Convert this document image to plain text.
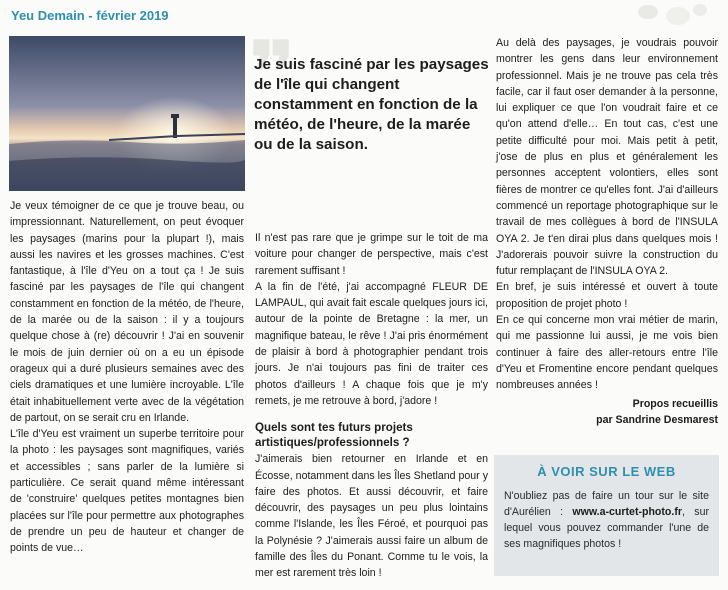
Yeu Demain - février 2019
❞
Je suis fasciné par les paysages de l'île qui changent constamment en fonction de la météo, de l'heure, de la marée ou de la saison.

Je veux témoigner de ce que je trouve beau, ou impressionnant. Naturellement, on peut évoquer les paysages (marins pour la plupart !), mais aussi les navires et les grosses machines. C'est fantastique, à l'île d'Yeu on a tout ça ! Je suis fasciné par les paysages de l'île qui changent constamment en fonction de la météo, de l'heure, de la marée ou de la saison : il y a toujours quelque chose à (re) découvrir ! J'ai en souvenir le mois de juin dernier où on a eu un épisode orageux qui a duré plusieurs semaines avec des ciels dramatiques et une lumière incroyable. L'île était inhabituellement verte avec de la végétation de partout, on se serait cru en Irlande.

L'île d'Yeu est vraiment un superbe territoire pour la photo : les paysages sont magnifiques, variés et accessibles ; sans parler de la lumière si particulière. Ce serait quand même intéressant de 'construire' quelques petites montagnes bien placées sur l'île pour permettre aux photographes de prendre un peu de hauteur et changer de points de vue…

Il n'est pas rare que je grimpe sur le toit de ma voiture pour changer de perspective, mais c'est rarement suffisant !

A la fin de l'été, j'ai accompagné FLEUR DE LAMPAUL, qui avait fait escale quelques jours ici, autour de la pointe de Bretagne : la mer, un magnifique bateau, le rêve ! J'ai pris énormément de plaisir à bord à photographier pendant trois jours. Je n'ai toujours pas fini de traiter ces photos d'ailleurs ! A chaque fois que je m'y remets, je me retrouve à bord, j'adore !

Quels sont tes futurs projets artistiques/professionnels ?

J'aimerais bien retourner en Irlande et en Écosse, notamment dans les Îles Shetland pour y faire des photos. Et aussi découvrir, et faire découvrir, des paysages un peu plus lointains comme l'Islande, les Îles Féroé, et pourquoi pas la Polynésie ? J'aimerais aussi faire un album de famille des Îles du Ponant. Comme tu le vois, la mer est rarement très loin !

Au delà des paysages, je voudrais pouvoir montrer les gens dans leur environnement professionnel. Mais je ne trouve pas cela très facile, car il faut oser demander à la personne, lui expliquer ce que l'on voudrait faire et ce qu'on attend d'elle… En tout cas, c'est une petite difficulté pour moi. Mais petit à petit, j'ose de plus en plus et généralement les personnes acceptent volontiers, elles sont fières de montrer ce qu'elles font. J'ai d'ailleurs commencé un reportage photographique sur le travail de mes collègues à bord de l'INSULA OYA 2. Je t'en dirai plus dans quelques mois ! J'adorerais pouvoir suivre la construction du futur remplaçant de l'INSULA OYA 2.

En bref, je suis intéressé et ouvert à toute proposition de projet photo !

En ce qui concerne mon vrai métier de marin, qui me passionne lui aussi, je me vois bien continuer à faire des aller-retours entre l'île d'Yeu et Fromentine encore pendant quelques nombreuses années !

Propos recueillis
par Sandrine Desmarest
À VOIR SUR LE WEB
N'oubliez pas de faire un tour sur le site d'Aurélien : www.a-curtet-photo.fr, sur lequel vous pouvez commander l'une de ses magnifiques photos !
